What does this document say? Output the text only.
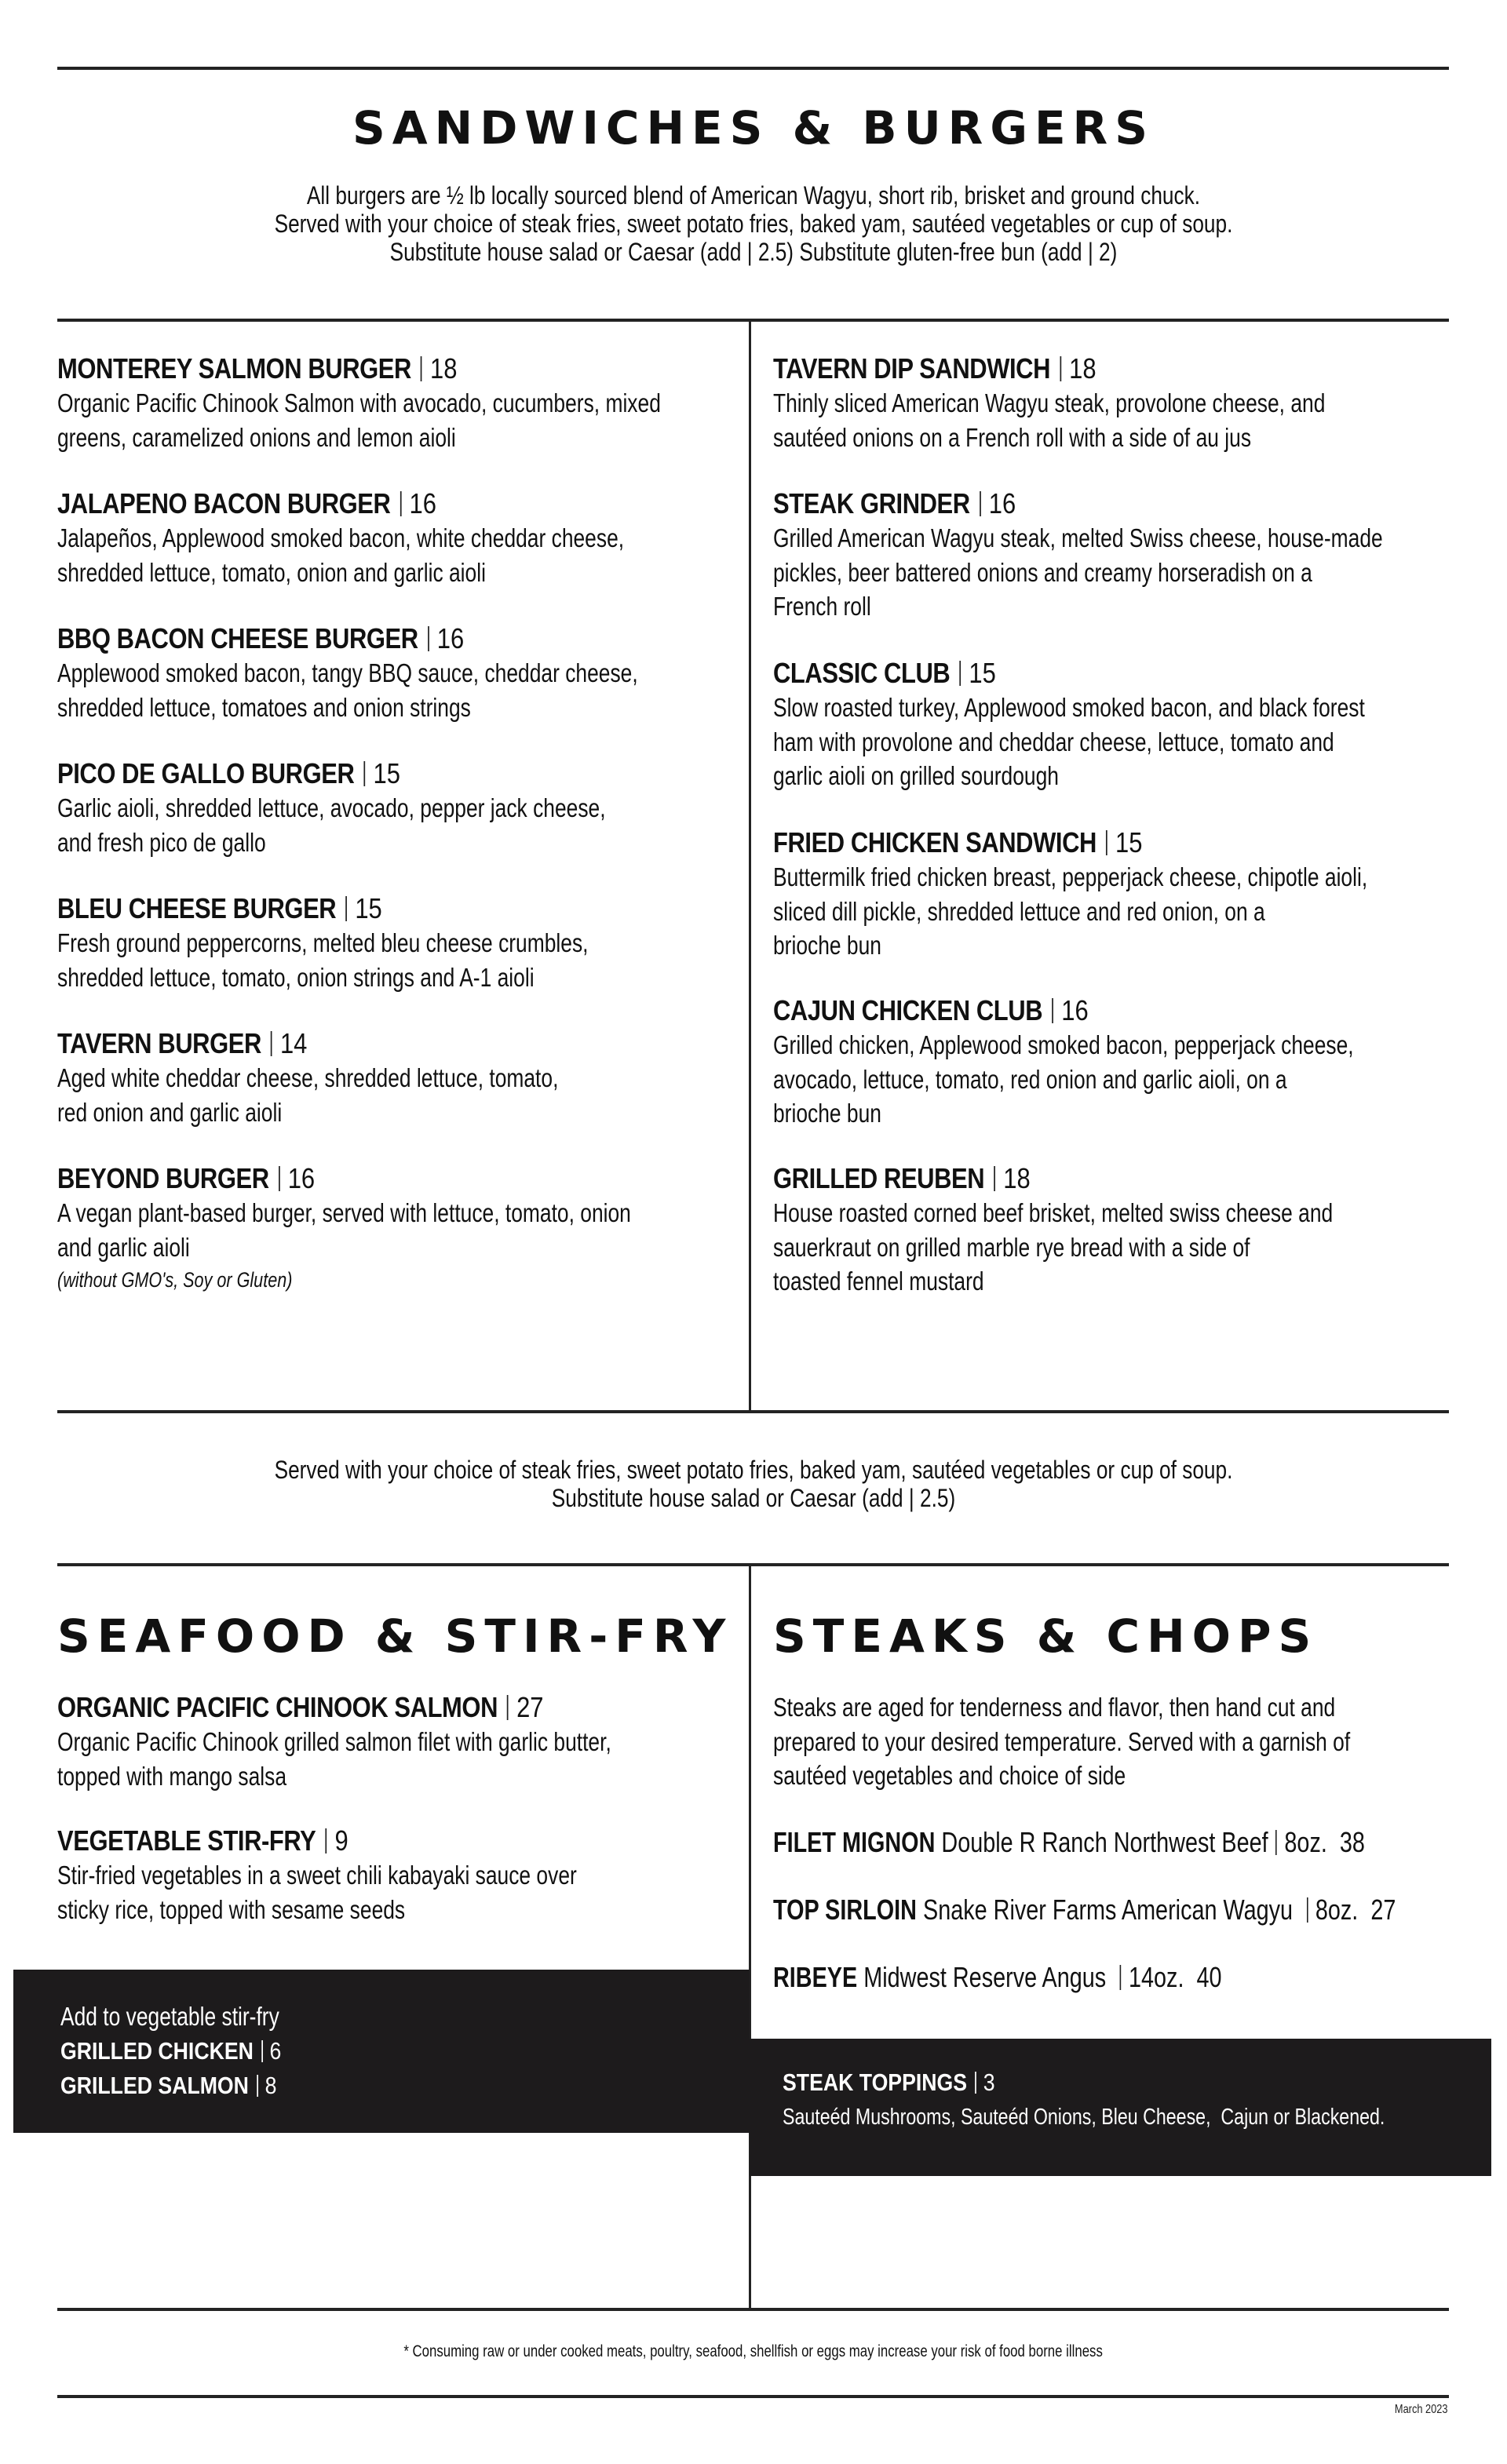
SANDWICHES & BURGERS
All burgers are ½ lb locally sourced blend of American Wagyu, short rib, brisket and ground chuck.
Served with your choice of steak fries, sweet potato fries, baked yam, sautéed vegetables or cup of soup.
Substitute house salad or Caesar (add | 2.5) Substitute gluten-free bun (add | 2)
MONTEREY SALMON BURGER 18
Organic Pacific Chinook Salmon with avocado, cucumbers, mixed
greens, caramelized onions and lemon aioli
JALAPENO BACON BURGER 16
Jalapeños, Applewood smoked bacon, white cheddar cheese,
shredded lettuce, tomato, onion and garlic aioli
BBQ BACON CHEESE BURGER 16
Applewood smoked bacon, tangy BBQ sauce, cheddar cheese,
shredded lettuce, tomatoes and onion strings
PICO DE GALLO BURGER 15
Garlic aioli, shredded lettuce, avocado, pepper jack cheese,
and fresh pico de gallo
BLEU CHEESE BURGER 15
Fresh ground peppercorns, melted bleu cheese crumbles,
shredded lettuce, tomato, onion strings and A-1 aioli
TAVERN BURGER 14
Aged white cheddar cheese, shredded lettuce, tomato,
red onion and garlic aioli
BEYOND BURGER 16
A vegan plant-based burger, served with lettuce, tomato, onion
and garlic aioli
(without GMO's, Soy or Gluten)
TAVERN DIP SANDWICH 18
Thinly sliced American Wagyu steak, provolone cheese, and
sautéed onions on a French roll with a side of au jus
STEAK GRINDER 16
Grilled American Wagyu steak, melted Swiss cheese, house-made
pickles, beer battered onions and creamy horseradish on a
French roll
CLASSIC CLUB 15
Slow roasted turkey, Applewood smoked bacon, and black forest
ham with provolone and cheddar cheese, lettuce, tomato and
garlic aioli on grilled sourdough
FRIED CHICKEN SANDWICH 15
Buttermilk fried chicken breast, pepperjack cheese, chipotle aioli,
sliced dill pickle, shredded lettuce and red onion, on a
brioche bun
CAJUN CHICKEN CLUB 16
Grilled chicken, Applewood smoked bacon, pepperjack cheese,
avocado, lettuce, tomato, red onion and garlic aioli, on a
brioche bun
GRILLED REUBEN 18
House roasted corned beef brisket, melted swiss cheese and
sauerkraut on grilled marble rye bread with a side of
toasted fennel mustard
Served with your choice of steak fries, sweet potato fries, baked yam, sautéed vegetables or cup of soup.
Substitute house salad or Caesar (add | 2.5)
SEAFOOD & STIR-FRY
ORGANIC PACIFIC CHINOOK SALMON 27
Organic Pacific Chinook grilled salmon filet with garlic butter,
topped with mango salsa
VEGETABLE STIR-FRY 9
Stir-fried vegetables in a sweet chili kabayaki sauce over
sticky rice, topped with sesame seeds
Add to vegetable stir-fry
GRILLED CHICKEN 6
GRILLED SALMON 8
STEAKS & CHOPS
Steaks are aged for tenderness and flavor, then hand cut and
prepared to your desired temperature. Served with a garnish of
sautéed vegetables and choice of side
FILET MIGNON Double R Ranch Northwest Beef 8oz.  38
TOP SIRLOIN Snake River Farms American Wagyu 8oz.  27
RIBEYE Midwest Reserve Angus 14oz.  40
STEAK TOPPINGS 3
Sauteéd Mushrooms, Sauteéd Onions, Bleu Cheese,  Cajun or Blackened.
* Consuming raw or under cooked meats, poultry, seafood, shellfish or eggs may increase your risk of food borne illness
March 2023
